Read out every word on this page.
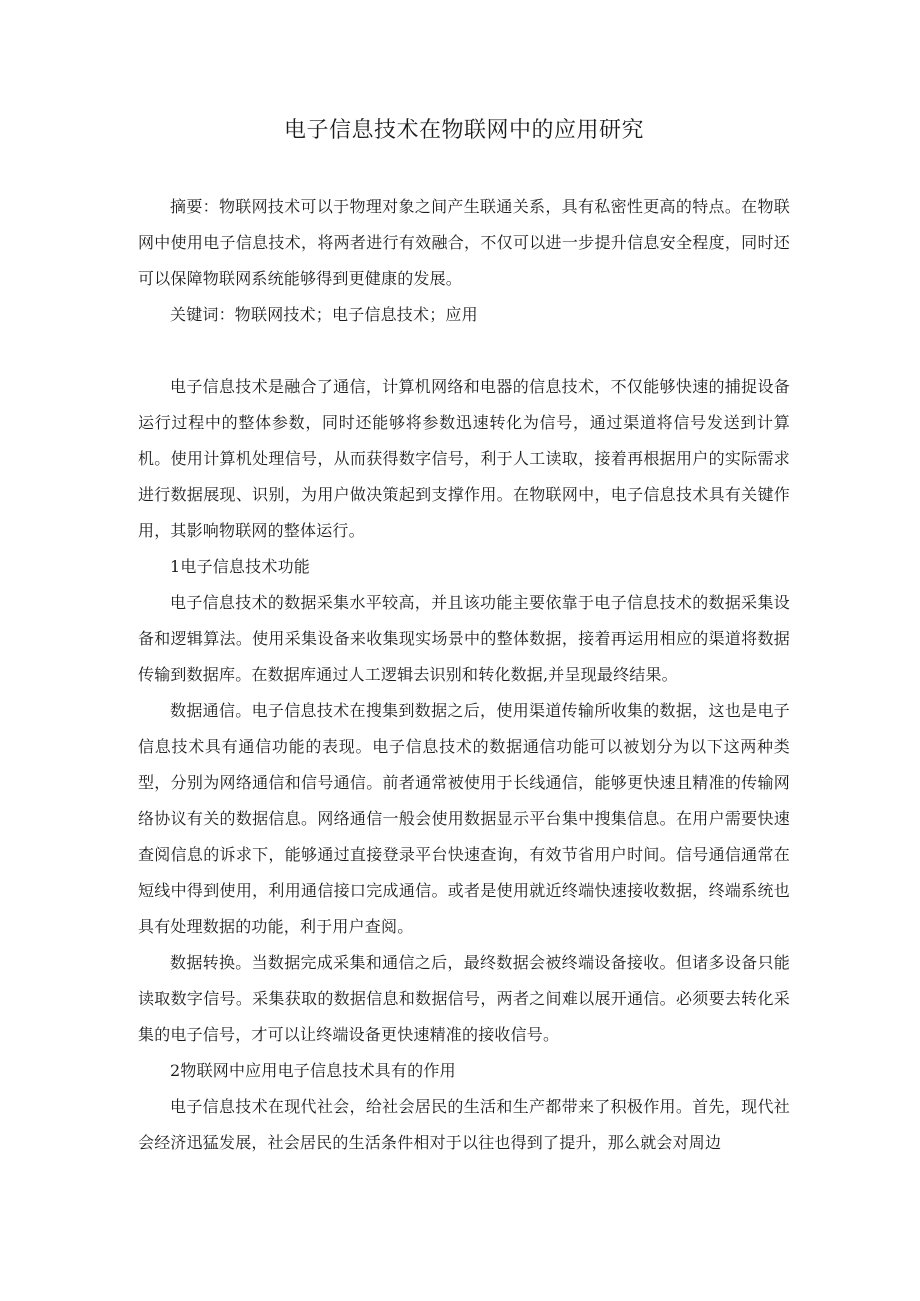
电子信息技术在物联网中的应用研究

摘要：物联网技术可以于物理对象之间产生联通关系，具有私密性更高的特点。在物联网中使用电子信息技术，将两者进行有效融合，不仅可以进一步提升信息安全程度，同时还可以保障物联网系统能够得到更健康的发展。

关键词：物联网技术；电子信息技术；应用

电子信息技术是融合了通信，计算机网络和电器的信息技术，不仅能够快速的捕捉设备运行过程中的整体参数，同时还能够将参数迅速转化为信号，通过渠道将信号发送到计算机。使用计算机处理信号，从而获得数字信号，利于人工读取，接着再根据用户的实际需求进行数据展现、识别，为用户做决策起到支撑作用。在物联网中，电子信息技术具有关键作用，其影响物联网的整体运行。

1电子信息技术功能

电子信息技术的数据采集水平较高，并且该功能主要依靠于电子信息技术的数据采集设备和逻辑算法。使用采集设备来收集现实场景中的整体数据，接着再运用相应的渠道将数据传输到数据库。在数据库通过人工逻辑去识别和转化数据,并呈现最终结果。

数据通信。电子信息技术在搜集到数据之后，使用渠道传输所收集的数据，这也是电子信息技术具有通信功能的表现。电子信息技术的数据通信功能可以被划分为以下这两种类型，分别为网络通信和信号通信。前者通常被使用于长线通信，能够更快速且精准的传输网络协议有关的数据信息。网络通信一般会使用数据显示平台集中搜集信息。在用户需要快速查阅信息的诉求下，能够通过直接登录平台快速查询，有效节省用户时间。信号通信通常在短线中得到使用，利用通信接口完成通信。或者是使用就近终端快速接收数据，终端系统也具有处理数据的功能，利于用户查阅。

数据转换。当数据完成采集和通信之后，最终数据会被终端设备接收。但诸多设备只能读取数字信号。采集获取的数据信息和数据信号，两者之间难以展开通信。必须要去转化采集的电子信号，才可以让终端设备更快速精准的接收信号。

2物联网中应用电子信息技术具有的作用

电子信息技术在现代社会，给社会居民的生活和生产都带来了积极作用。首先，现代社会经济迅猛发展，社会居民的生活条件相对于以往也得到了提升，那么就会对周边
